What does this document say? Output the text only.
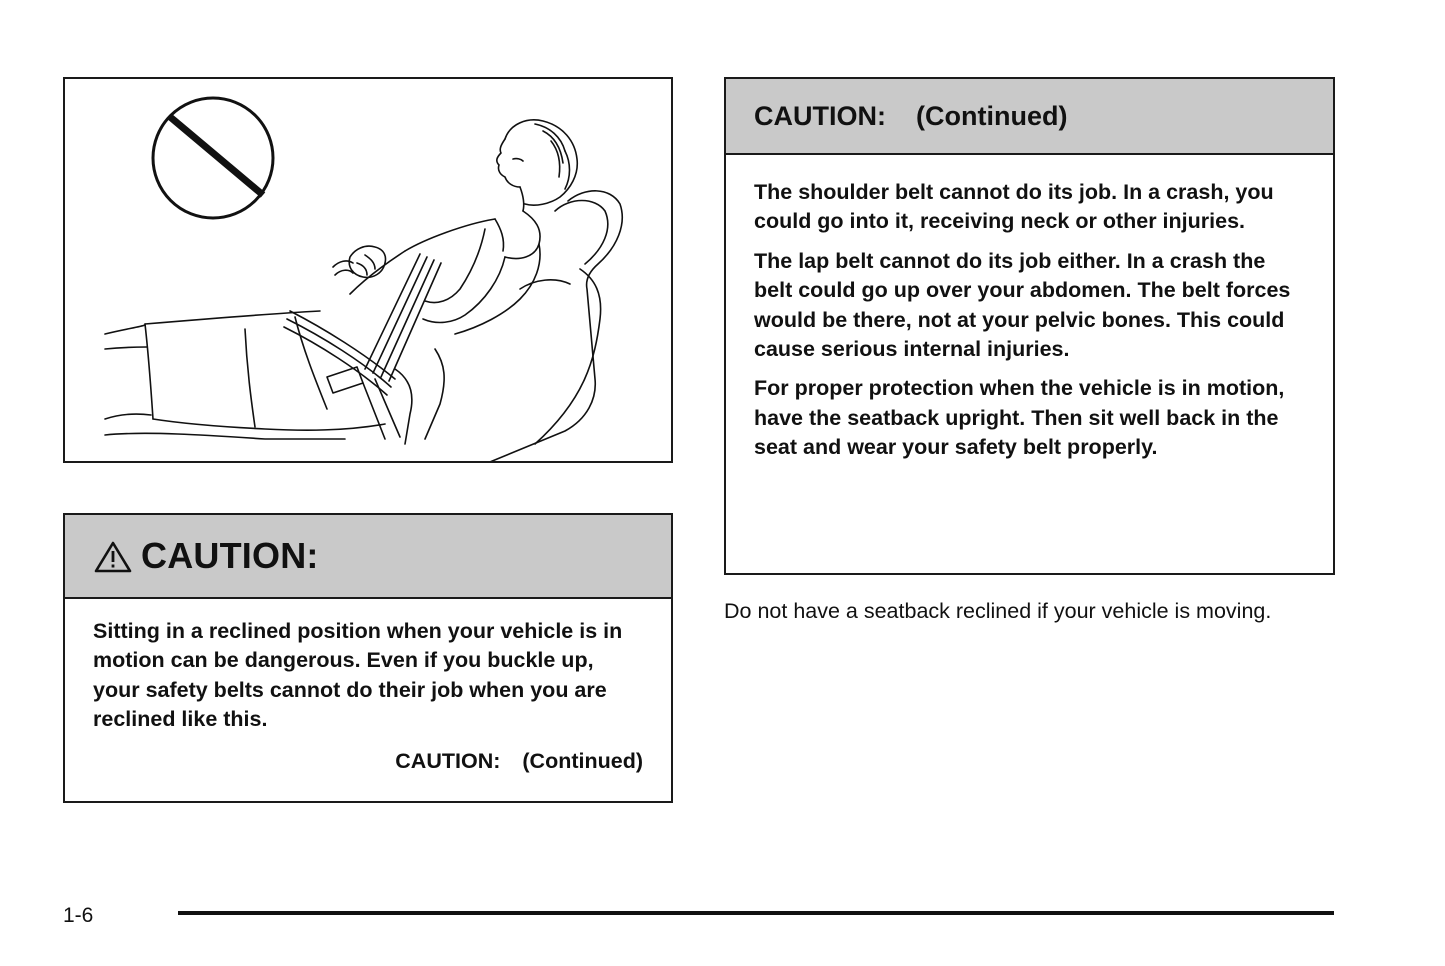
CAUTION:

Sitting in a reclined position when your vehicle is in motion can be dangerous. Even if you buckle up, your safety belts cannot do their job when you are reclined like this.

CAUTION: (Continued)
CAUTION: (Continued)

The shoulder belt cannot do its job. In a crash, you could go into it, receiving neck or other injuries.

The lap belt cannot do its job either. In a crash the belt could go up over your abdomen. The belt forces would be there, not at your pelvic bones. This could cause serious internal injuries.

For proper protection when the vehicle is in motion, have the seatback upright. Then sit well back in the seat and wear your safety belt properly.

Do not have a seatback reclined if your vehicle is moving.
1-6
